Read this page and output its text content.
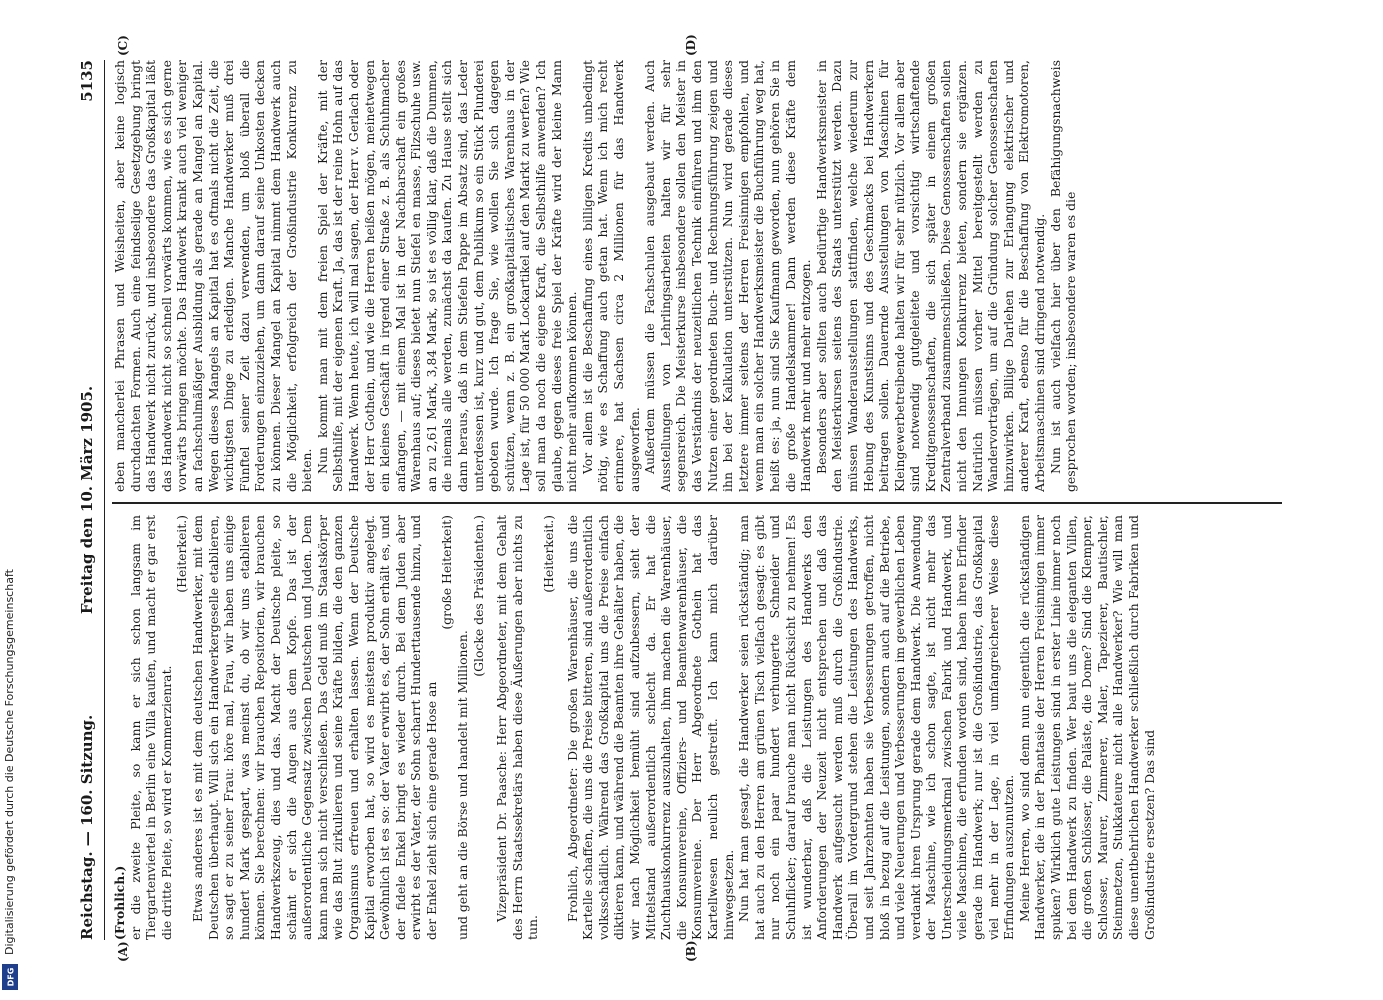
Reichstag. — 160. Sitzung.
Freitag den 10. März 1905.
5135

(Frohlich.) er die zweite Pleite, so kann er sich schon langsam im Tiergartenviertel in Berlin eine Villa kaufen, und macht er gar erst die dritte Pleite, so wird er Kommerzienrat.

(Heiterkeit.) Etwas anderes ist es mit dem deutschen Handwerker, mit dem Deutschen überhaupt. Will sich ein Handwerkergeselle etablieren, so sagt er zu seiner Frau: höre mal, Frau, wir haben uns einige hundert Mark gespart, was meinst du, ob wir uns etablieren können. Sie berechnen: wir brauchen Repositorien, wir brauchen Handwerkszeug, dies und das. Macht der Deutsche pleite, so schämt er sich die Augen aus dem Kopfe. Das ist der außerordentliche Gegensatz zwischen Deutschen und Juden. Dem kann man sich nicht verschließen. Das Geld muß im Staatskörper wie das Blut zirkulieren und seine Kräfte bilden, die den ganzen Organismus erfreuen und erhalten lassen. Wenn der Deutsche Kapital erworben hat, so wird es meistens produktiv angelegt. Gewöhnlich ist es so: der Vater erwirbt es, der Sohn erhält es, und der fidele Enkel bringt es wieder durch. Bei dem Juden aber erwirbt es der Vater, der Sohn scharrt Hunderttausende hinzu, und der Enkel zieht sich eine gerade Hose an

(große Heiterkeit)

und geht an die Börse und handelt mit Millionen.

(Glocke des Präsidenten.) Vizepräsident Dr. Paasche: Herr Abgeordneter, mit dem Gehalt des Herrn Staatssekretärs haben diese Äußerungen aber nichts zu tun.

(Heiterkeit.) Frohlich, Abgeordneter: Die großen Warenhäuser, die uns die Kartelle schaffen, die uns die Preise bitteren, sind außerordentlich volksschädlich. Während das Großkapital uns die Preise einfach diktieren kann, und während die Beamten ihre Gehälter haben, die wir nach Möglichkeit bemüht sind aufzubessern, sieht der Mittelstand außerordentlich schlecht da. Er hat die Zuchthauskonkurrenz auszuhalten, ihm machen die Warenhäuser, die Konsumvereine, Offiziers- und Beamtenwarenhäuser, die Konsumvereine. Der Herr Abgeordnete Gothein hat das Kartellwesen neulich gestreift. Ich kann mich darüber hinwegsetzen. Nun hat man gesagt, die Handwerker seien rückständig; man hat auch zu den Herren am grünen Tisch vielfach gesagt: es gibt nur noch ein paar hundert verhungerte Schneider und Schuhflicker; darauf brauche man nicht Rücksicht zu nehmen! Es ist wunderbar, daß die Leistungen des Handwerks den Anforderungen der Neuzeit nicht entsprechen und daß das Handwerk aufgesucht werden muß durch die Großindustrie. Überall im Vordergrund stehen die Leistungen des Handwerks, und seit Jahrzehnten haben sie Verbesserungen getroffen, nicht bloß in bezug auf die Leistungen, sondern auch auf die Betriebe, und viele Neuerungen und Verbesserungen im gewerblichen Leben verdankt ihren Ursprung gerade dem Handwerk. Die Anwendung der Maschine, wie ich schon sagte, ist nicht mehr das Unterscheidungsmerkmal zwischen Fabrik und Handwerk, und viele Maschinen, die erfunden worden sind, haben ihren Erfinder gerade im Handwerk; nur ist die Großindustrie, das Großkapital viel mehr in der Lage, in viel umfangreicherer Weise diese Erfindungen auszunutzen. Meine Herren, wo sind denn nun eigentlich die rückständigen Handwerker, die in der Phantasie der Herren Freisinnigen immer spuken? Wirklich gute Leistungen sind in erster Linie immer noch bei dem Handwerk zu finden. Wer baut uns die eleganten Villen, die großen Schlösser, die Paläste, die Dome? Sind die Klempner, Schlosser, Maurer, Zimmerer, Maler, Tapezierer, Bautischler, Steinmetzen, Stukkateure nicht alle Handwerker? Wie will man diese unentbehrlichen Handwerker schließlich durch Fabriken und Großindustrie ersetzen? Das sind

eben mancherlei Phrasen und Weisheiten, aber keine logisch durchdachten Formen. Auch eine feindselige Gesetzgebung bringt das Handwerk nicht zurück, und insbesondere das Großkapital läßt das Handwerk nicht so schnell vorwärts kommen, wie es sich gerne vorwärts bringen möchte. Das Handwerk krankt auch viel weniger an fachschulmäßiger Ausbildung als gerade an Mangel an Kapital. Wegen dieses Mangels an Kapital hat es oftmals nicht die Zeit, die wichtigsten Dinge zu erledigen. Manche Handwerker muß drei Fünftel seiner Zeit dazu verwenden, um bloß überall die Forderungen einzuziehen, um dann darauf seine Unkosten decken zu können. Dieser Mangel an Kapital nimmt dem Handwerk auch die Möglichkeit, erfolgreich der Großindustrie Konkurrenz zu bieten. Nun kommt man mit dem freien Spiel der Kräfte, mit der Selbsthilfe, mit der eigenen Kraft. Ja, das ist der reine Hohn auf das Handwerk. Wenn heute, ich will mal sagen, der Herr v. Gerlach oder der Herr Gothein, und wie die Herren heißen mögen, meinetwegen ein kleines Geschäft in irgend einer Straße z. B. als Schuhmacher anfangen, — mit einem Mal ist in der Nachbarschaft ein großes Warenhaus auf; dieses bietet nun Stiefel en masse, Filzschuhe usw. an zu 2,61 Mark, 3,84 Mark, so ist es völlig klar, daß die Dummen, die niemals alle werden, zunächst da kaufen. Zu Hause stellt sich dann heraus, daß in dem Stiefeln Pappe im Absatz sind, das Leder unterdessen ist, kurz und gut, dem Publikum so ein Stück Plunderei geboten wurde. Ich frage Sie, wie wollen Sie sich dagegen schützen, wenn z. B. ein großkapitalistisches Warenhaus in der Lage ist, für 50 000 Mark Lockartikel auf den Markt zu werfen? Wie soll man da noch die eigene Kraft, die Selbsthilfe anwenden? Ich glaube, gegen dieses freie Spiel der Kräfte wird der kleine Mann nicht mehr aufkommen können. Vor allem ist die Beschaffung eines billigen Kredits unbedingt nötig, wie es Schaffung auch getan hat. Wenn ich mich recht erinnere, hat Sachsen circa 2 Millionen für das Handwerk ausgeworfen. Außerdem müssen die Fachschulen ausgebaut werden. Auch Ausstellungen von Lehrlingsarbeiten halten wir für sehr segensreich. Die Meisterkurse insbesondere sollen den Meister in das Verständnis der neuzeitlichen Technik einführen und ihm den Nutzen einer geordneten Buch- und Rechnungsführung zeigen und ihn bei der Kalkulation unterstützen. Nun wird gerade dieses letztere immer seitens der Herren Freisinnigen empfohlen, und wenn man ein solcher Handwerksmeister die Buchführung weg hat, heißt es: ja, nun sind Sie Kaufmann geworden, nun gehören Sie in die große Handelskammer! Dann werden diese Kräfte dem Handwerk mehr und mehr entzogen. Besonders aber sollten auch bedürftige Handwerksmeister in den Meisterkursen seitens des Staats unterstützt werden. Dazu müssen Wanderausstellungen stattfinden, welche wiederum zur Hebung des Kunstsinns und des Geschmacks bei Handwerkern beitragen sollen. Dauernde Ausstellungen von Maschinen für Kleingewerbetreibende halten wir für sehr nützlich. Vor allem aber sind notwendig gutgeleitete und vorsichtig wirtschaftende Kreditgenossenschaften, die sich später in einem großen Zentralverband zusammenschließen. Diese Genossenschaften sollen nicht den Innungen Konkurrenz bieten, sondern sie ergänzen. Natürlich müssen vorher Mittel bereitgestellt werden zu Wandervorträgen, um auf die Gründung solcher Genossenschaften hinzuwirken. Billige Darlehen zur Erlangung elektrischer und anderer Kraft, ebenso für die Beschaffung von Elektromotoren, Arbeitsmaschinen sind dringend notwendig. Nun ist auch vielfach hier über den Befähigungsnachweis gesprochen worden; insbesondere waren es die

(A)	(B)
(C)	(D)
DFG
Digitalisierung gefördert durch die Deutsche Forschungsgemeinschaft
